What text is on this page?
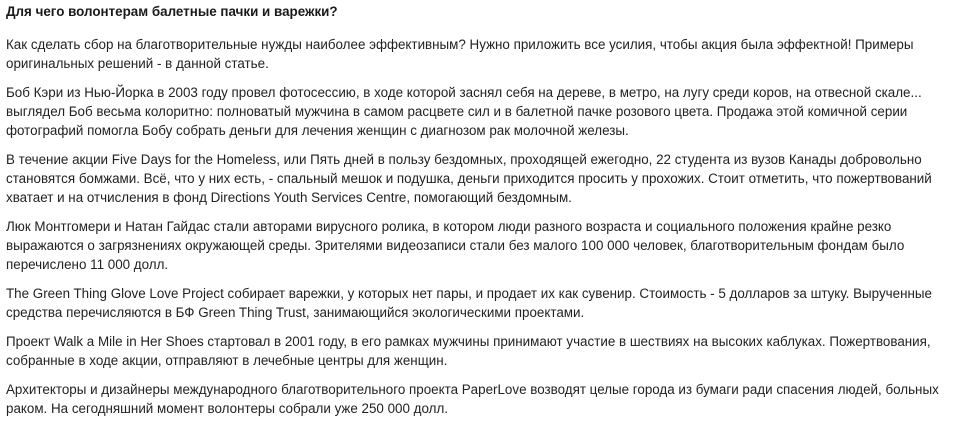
Для чего волонтерам балетные пачки и варежки?

Как сделать сбор на благотворительные нужды наиболее эффективным? Нужно приложить все усилия, чтобы акция была эффектной! Примеры оригинальных решений - в данной статье.

Боб Кэри из Нью-Йорка в 2003 году провел фотосессию, в ходе которой заснял себя на дереве, в метро, на лугу среди коров, на отвесной скале... выглядел Боб весьма колоритно: полноватый мужчина в самом расцвете сил и в балетной пачке розового цвета. Продажа этой комичной серии фотографий помогла Бобу собрать деньги для лечения женщин с диагнозом рак молочной железы.

В течение акции Five Days for the Homeless, или Пять дней в пользу бездомных, проходящей ежегодно, 22 студента из вузов Канады добровольно становятся бомжами. Всё, что у них есть, - спальный мешок и подушка, деньги приходится просить у прохожих. Стоит отметить, что пожертвований хватает и на отчисления в фонд Directions Youth Services Centre, помогающий бездомным.

Люк Монтгомери и Натан Гайдас стали авторами вирусного ролика, в котором люди разного возраста и социального положения крайне резко выражаются о загрязнениях окружающей среды. Зрителями видеозаписи стали без малого 100 000 человек, благотворительным фондам было перечислено 11 000 долл.

The Green Thing Glove Love Project собирает варежки, у которых нет пары, и продает их как сувенир. Стоимость - 5 долларов за штуку. Вырученные средства перечисляются в БФ Green Thing Trust, занимающийся экологическими проектами.

Проект Walk a Mile in Her Shoes стартовал в 2001 году, в его рамках мужчины принимают участие в шествиях на высоких каблуках. Пожертвования, собранные в ходе акции, отправляют в лечебные центры для женщин.

Архитекторы и дизайнеры международного благотворительного проекта PaperLove возводят целые города из бумаги ради спасения людей, больных раком. На сегодняшний момент волонтеры собрали уже 250 000 долл.
